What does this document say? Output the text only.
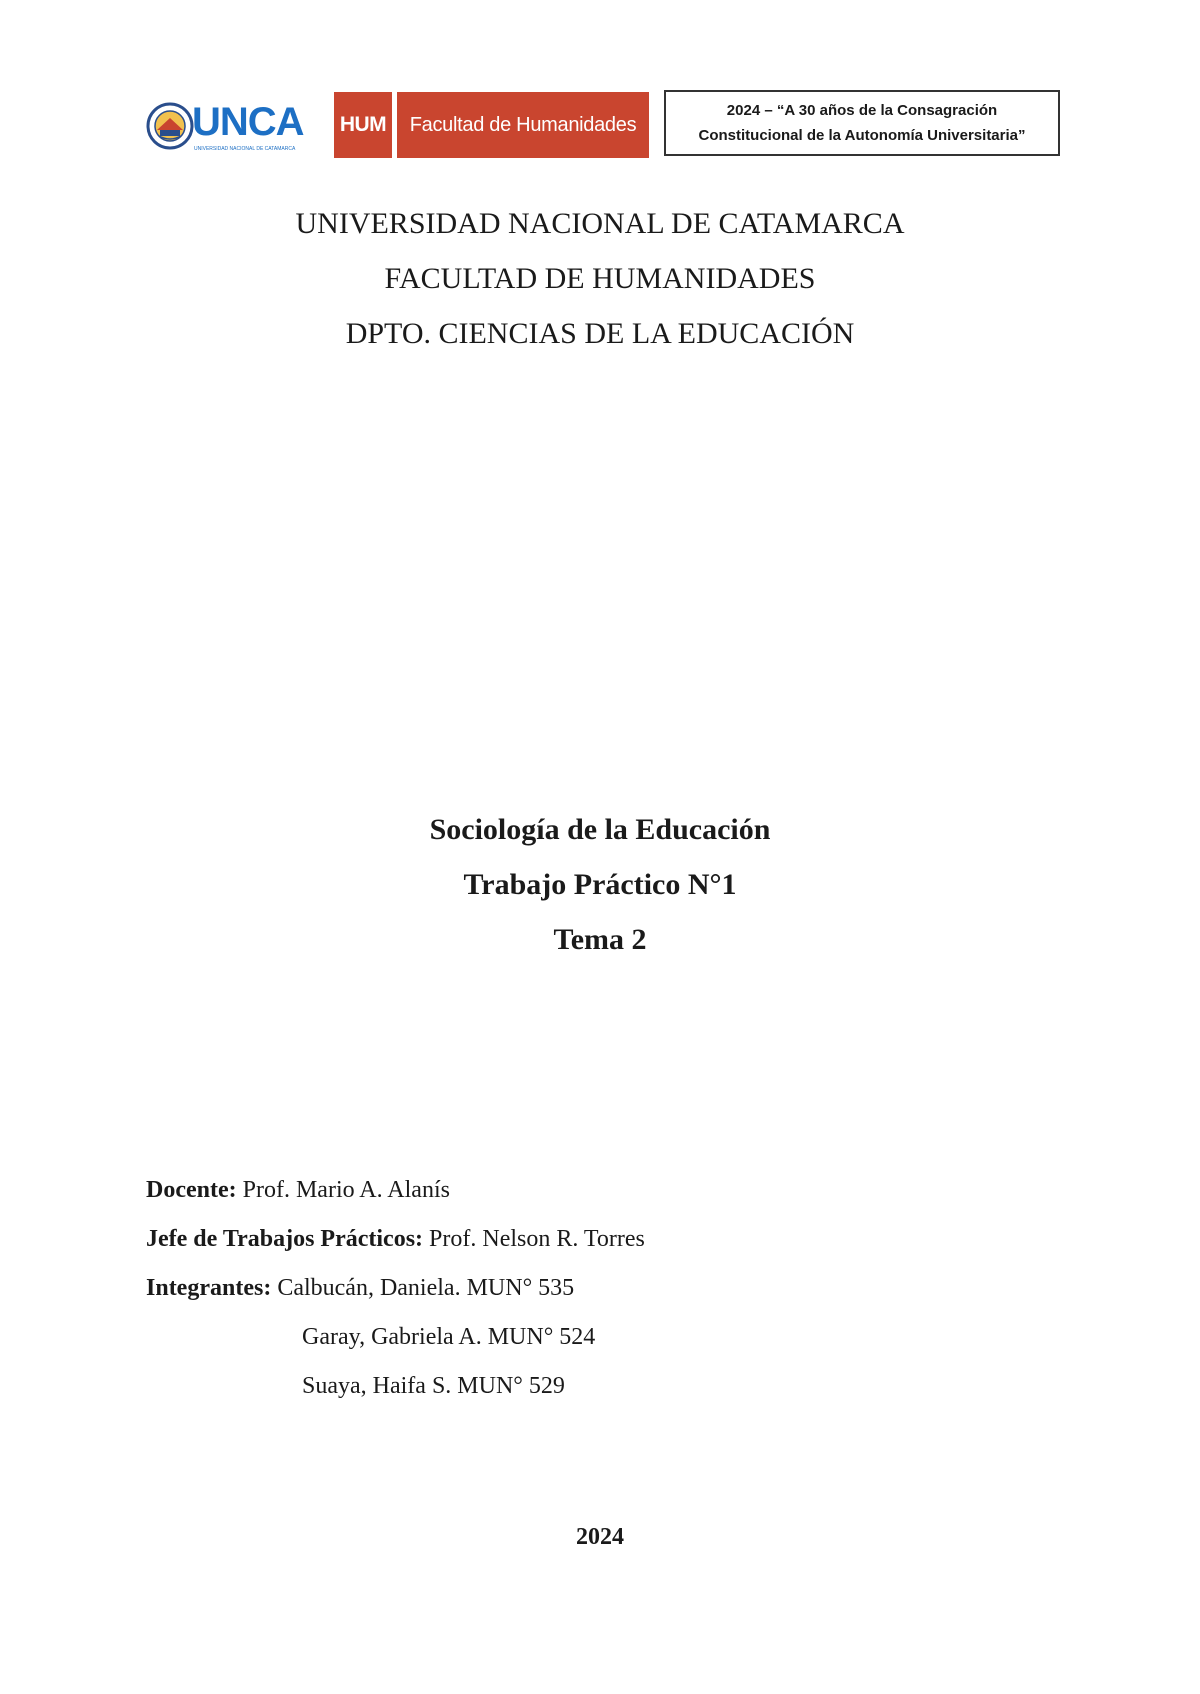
UNCA
UNIVERSIDAD NACIONAL DE CATAMARCA
HUM	Facultad de Humanidades
2024 – “A 30 años de la Consagración
Constitucional de la Autonomía Universitaria”
UNIVERSIDAD NACIONAL DE CATAMARCA
FACULTAD DE HUMANIDADES
DPTO. CIENCIAS DE LA EDUCACIÓN
Sociología de la Educación
Trabajo Práctico N°1
Tema 2
Docente: Prof. Mario A. Alanís
Jefe de Trabajos Prácticos: Prof. Nelson R. Torres
Integrantes: Calbucán, Daniela. MUN° 535
Garay, Gabriela A. MUN° 524
Suaya, Haifa S. MUN° 529
2024
